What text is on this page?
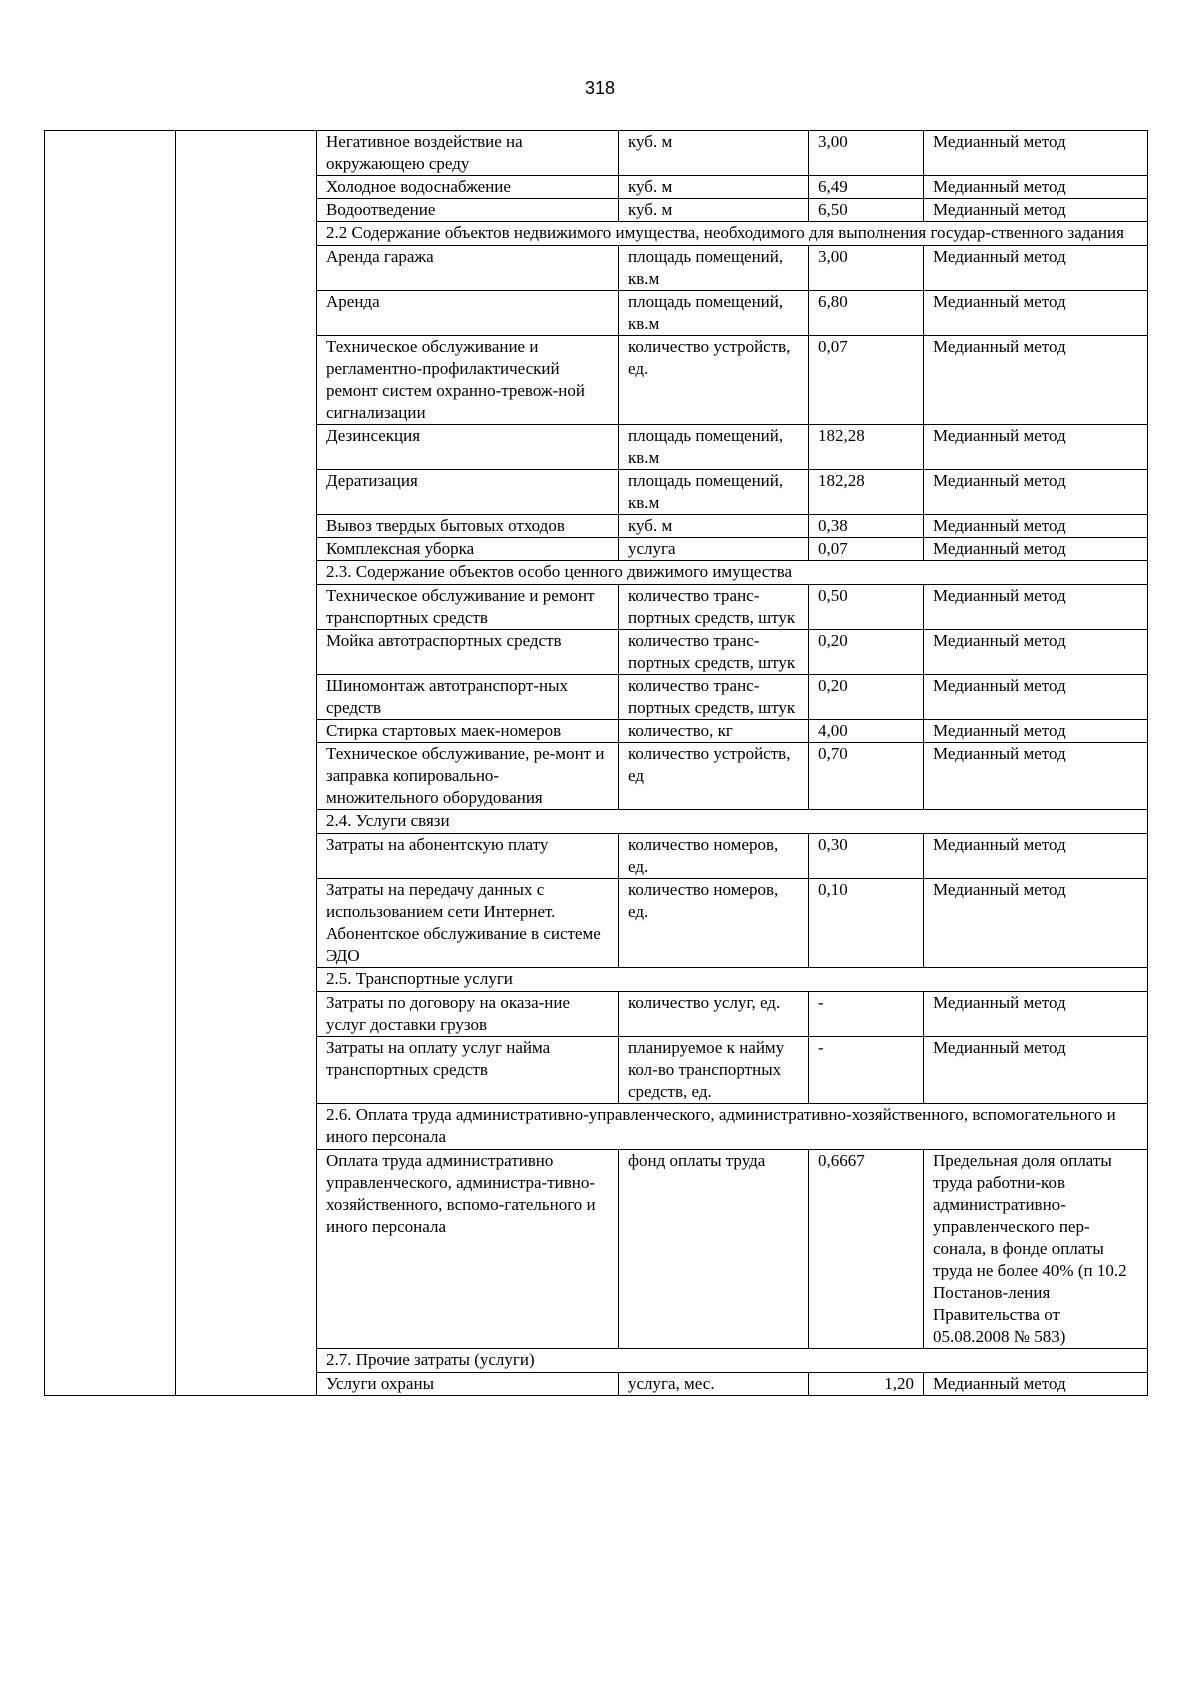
318
		Негативное воздействие на окружающею среду	куб. м	3,00	Медианный метод
		Холодное водоснабжение	куб. м	6,49	Медианный метод
		Водоотведение	куб. м	6,50	Медианный метод
		2.2 Содержание объектов недвижимого имущества, необходимого для выполнения государ-ственного задания			
		Аренда гаража	площадь помещений, кв.м	3,00	Медианный метод
		Аренда	площадь помещений, кв.м	6,80	Медианный метод
		Техническое обслуживание и регламентно-профилактический ремонт систем охранно-тревож-ной сигнализации	количество устройств, ед.	0,07	Медианный метод
		Дезинсекция	площадь помещений, кв.м	182,28	Медианный метод
		Дератизация	площадь помещений, кв.м	182,28	Медианный метод
		Вывоз твердых бытовых отходов	куб. м	0,38	Медианный метод
		Комплексная уборка	услуга	0,07	Медианный метод
		2.3. Содержание объектов особо ценного движимого имущества			
		Техническое обслуживание и ремонт транспортных средств	количество транс-портных средств, штук	0,50	Медианный метод
		Мойка автотраспортных средств	количество транс-портных средств, штук	0,20	Медианный метод
		Шиномонтаж автотранспорт-ных средств	количество транс-портных средств, штук	0,20	Медианный метод
		Стирка стартовых маек-номеров	количество, кг	4,00	Медианный метод
		Техническое обслуживание, ре-монт и заправка копировально-множительного оборудования	количество устройств, ед	0,70	Медианный метод
		2.4. Услуги связи			
		Затраты на абонентскую плату	количество номеров, ед.	0,30	Медианный метод
		Затраты на передачу данных с использованием сети Интернет. Абонентское обслуживание в системе ЭДО	количество номеров, ед.	0,10	Медианный метод
		2.5. Транспортные услуги			
		Затраты по договору на оказа-ние услуг доставки грузов	количество услуг, ед.	-	Медианный метод
		Затраты на оплату услуг найма транспортных средств	планируемое к найму кол-во транспортных средств, ед.	-	Медианный метод
		2.6. Оплата труда административно-управленческого, административно-хозяйственного, вспомогательного и иного персонала			
		Оплата труда административно управленческого, администра-тивно-хозяйственного, вспомо-гательного и иного персонала	фонд оплаты труда	0,6667	Предельная доля оплаты труда работни-ков административно-управленческого пер-сонала, в фонде оплаты труда не более 40% (п 10.2 Постанов-ления Правительства от 05.08.2008 № 583)
		2.7. Прочие затраты (услуги)			
		Услуги охраны	услуга, мес.	1,20	Медианный метод
